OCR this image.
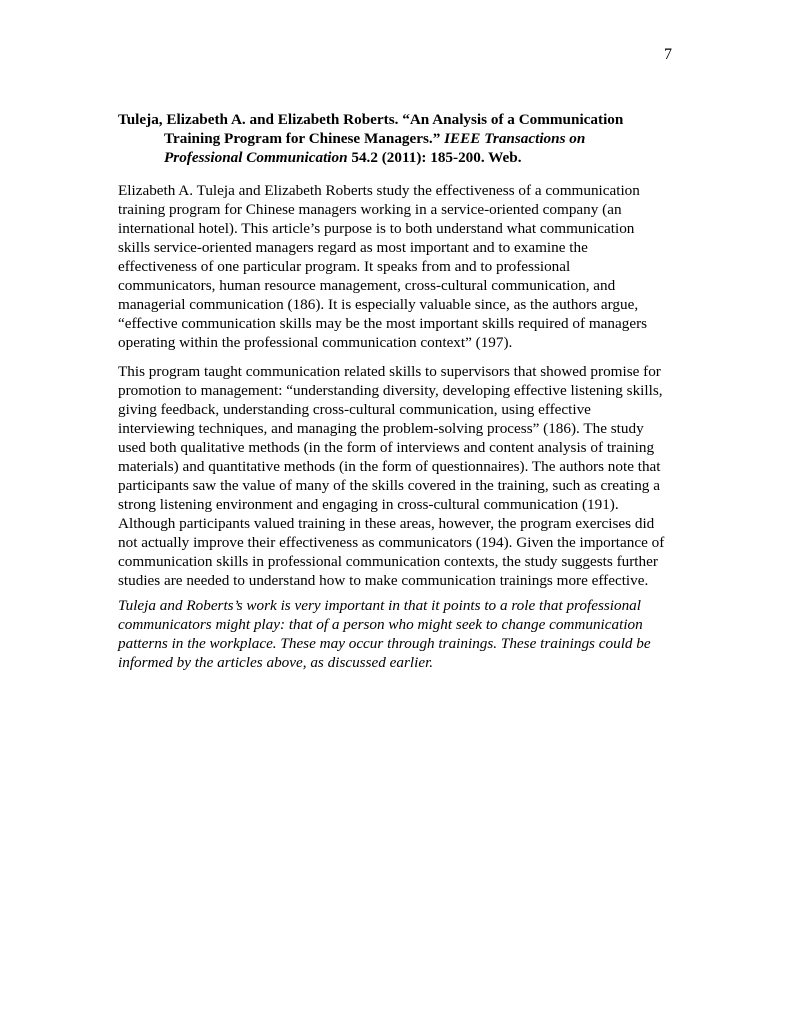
7
Tuleja, Elizabeth A. and Elizabeth Roberts. “An Analysis of a Communication
Training Program for Chinese Managers.” IEEE Transactions on
Professional Communication 54.2 (2011): 185-200. Web.

Elizabeth A. Tuleja and Elizabeth Roberts study the effectiveness of a communication
training program for Chinese managers working in a service-oriented company (an
international hotel). This article’s purpose is to both understand what communication
skills service-oriented managers regard as most important and to examine the
effectiveness of one particular program. It speaks from and to professional
communicators, human resource management, cross-cultural communication, and
managerial communication (186). It is especially valuable since, as the authors argue,
“effective communication skills may be the most important skills required of managers
operating within the professional communication context” (197).

This program taught communication related skills to supervisors that showed promise for
promotion to management: “understanding diversity, developing effective listening skills,
giving feedback, understanding cross-cultural communication, using effective
interviewing techniques, and managing the problem-solving process” (186). The study
used both qualitative methods (in the form of interviews and content analysis of training
materials) and quantitative methods (in the form of questionnaires). The authors note that
participants saw the value of many of the skills covered in the training, such as creating a
strong listening environment and engaging in cross-cultural communication (191).
Although participants valued training in these areas, however, the program exercises did
not actually improve their effectiveness as communicators (194). Given the importance of
communication skills in professional communication contexts, the study suggests further
studies are needed to understand how to make communication trainings more effective.

Tuleja and Roberts’s work is very important in that it points to a role that professional
communicators might play: that of a person who might seek to change communication
patterns in the workplace. These may occur through trainings. These trainings could be
informed by the articles above, as discussed earlier.
